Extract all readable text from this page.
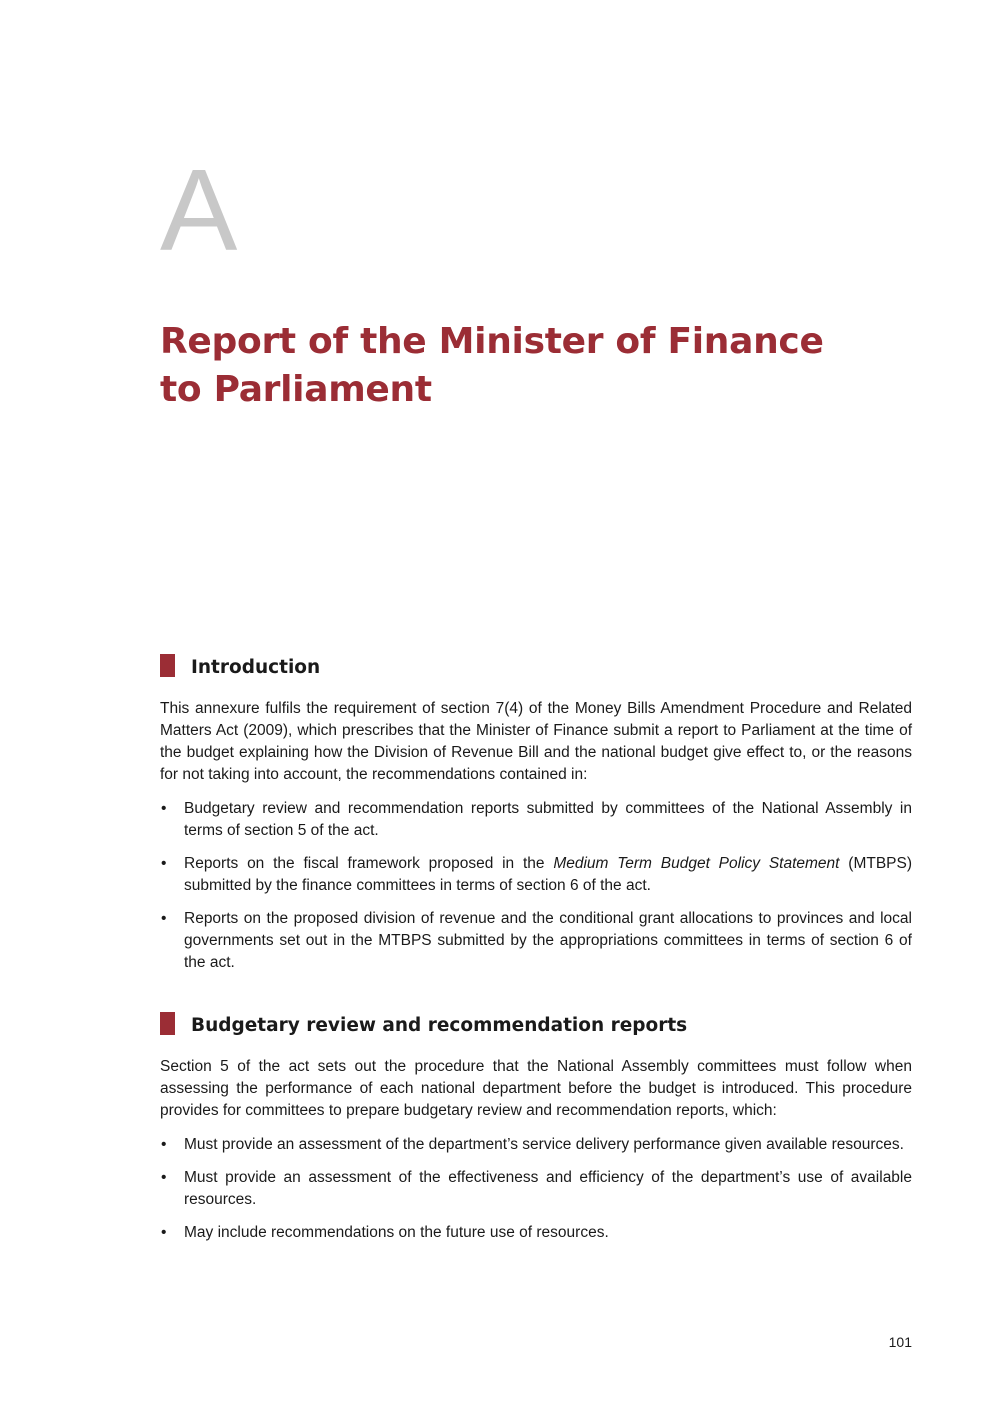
A
Report of the Minister of Finance
to Parliament
Introduction

This annexure fulfils the requirement of section 7(4) of the Money Bills Amendment Procedure and Related Matters Act (2009), which prescribes that the Minister of Finance submit a report to Parliament at the time of the budget explaining how the Division of Revenue Bill and the national budget give effect to, or the reasons for not taking into account, the recommendations contained in:

• Budgetary review and recommendation reports submitted by committees of the National Assembly in terms of section 5 of the act.
• Reports on the fiscal framework proposed in the Medium Term Budget Policy Statement (MTBPS) submitted by the finance committees in terms of section 6 of the act.
• Reports on the proposed division of revenue and the conditional grant allocations to provinces and local governments set out in the MTBPS submitted by the appropriations committees in terms of section 6 of the act.
Budgetary review and recommendation reports

Section 5 of the act sets out the procedure that the National Assembly committees must follow when assessing the performance of each national department before the budget is introduced. This procedure provides for committees to prepare budgetary review and recommendation reports, which:

• Must provide an assessment of the department’s service delivery performance given available resources.
• Must provide an assessment of the effectiveness and efficiency of the department’s use of available resources.
• May include recommendations on the future use of resources.
101
